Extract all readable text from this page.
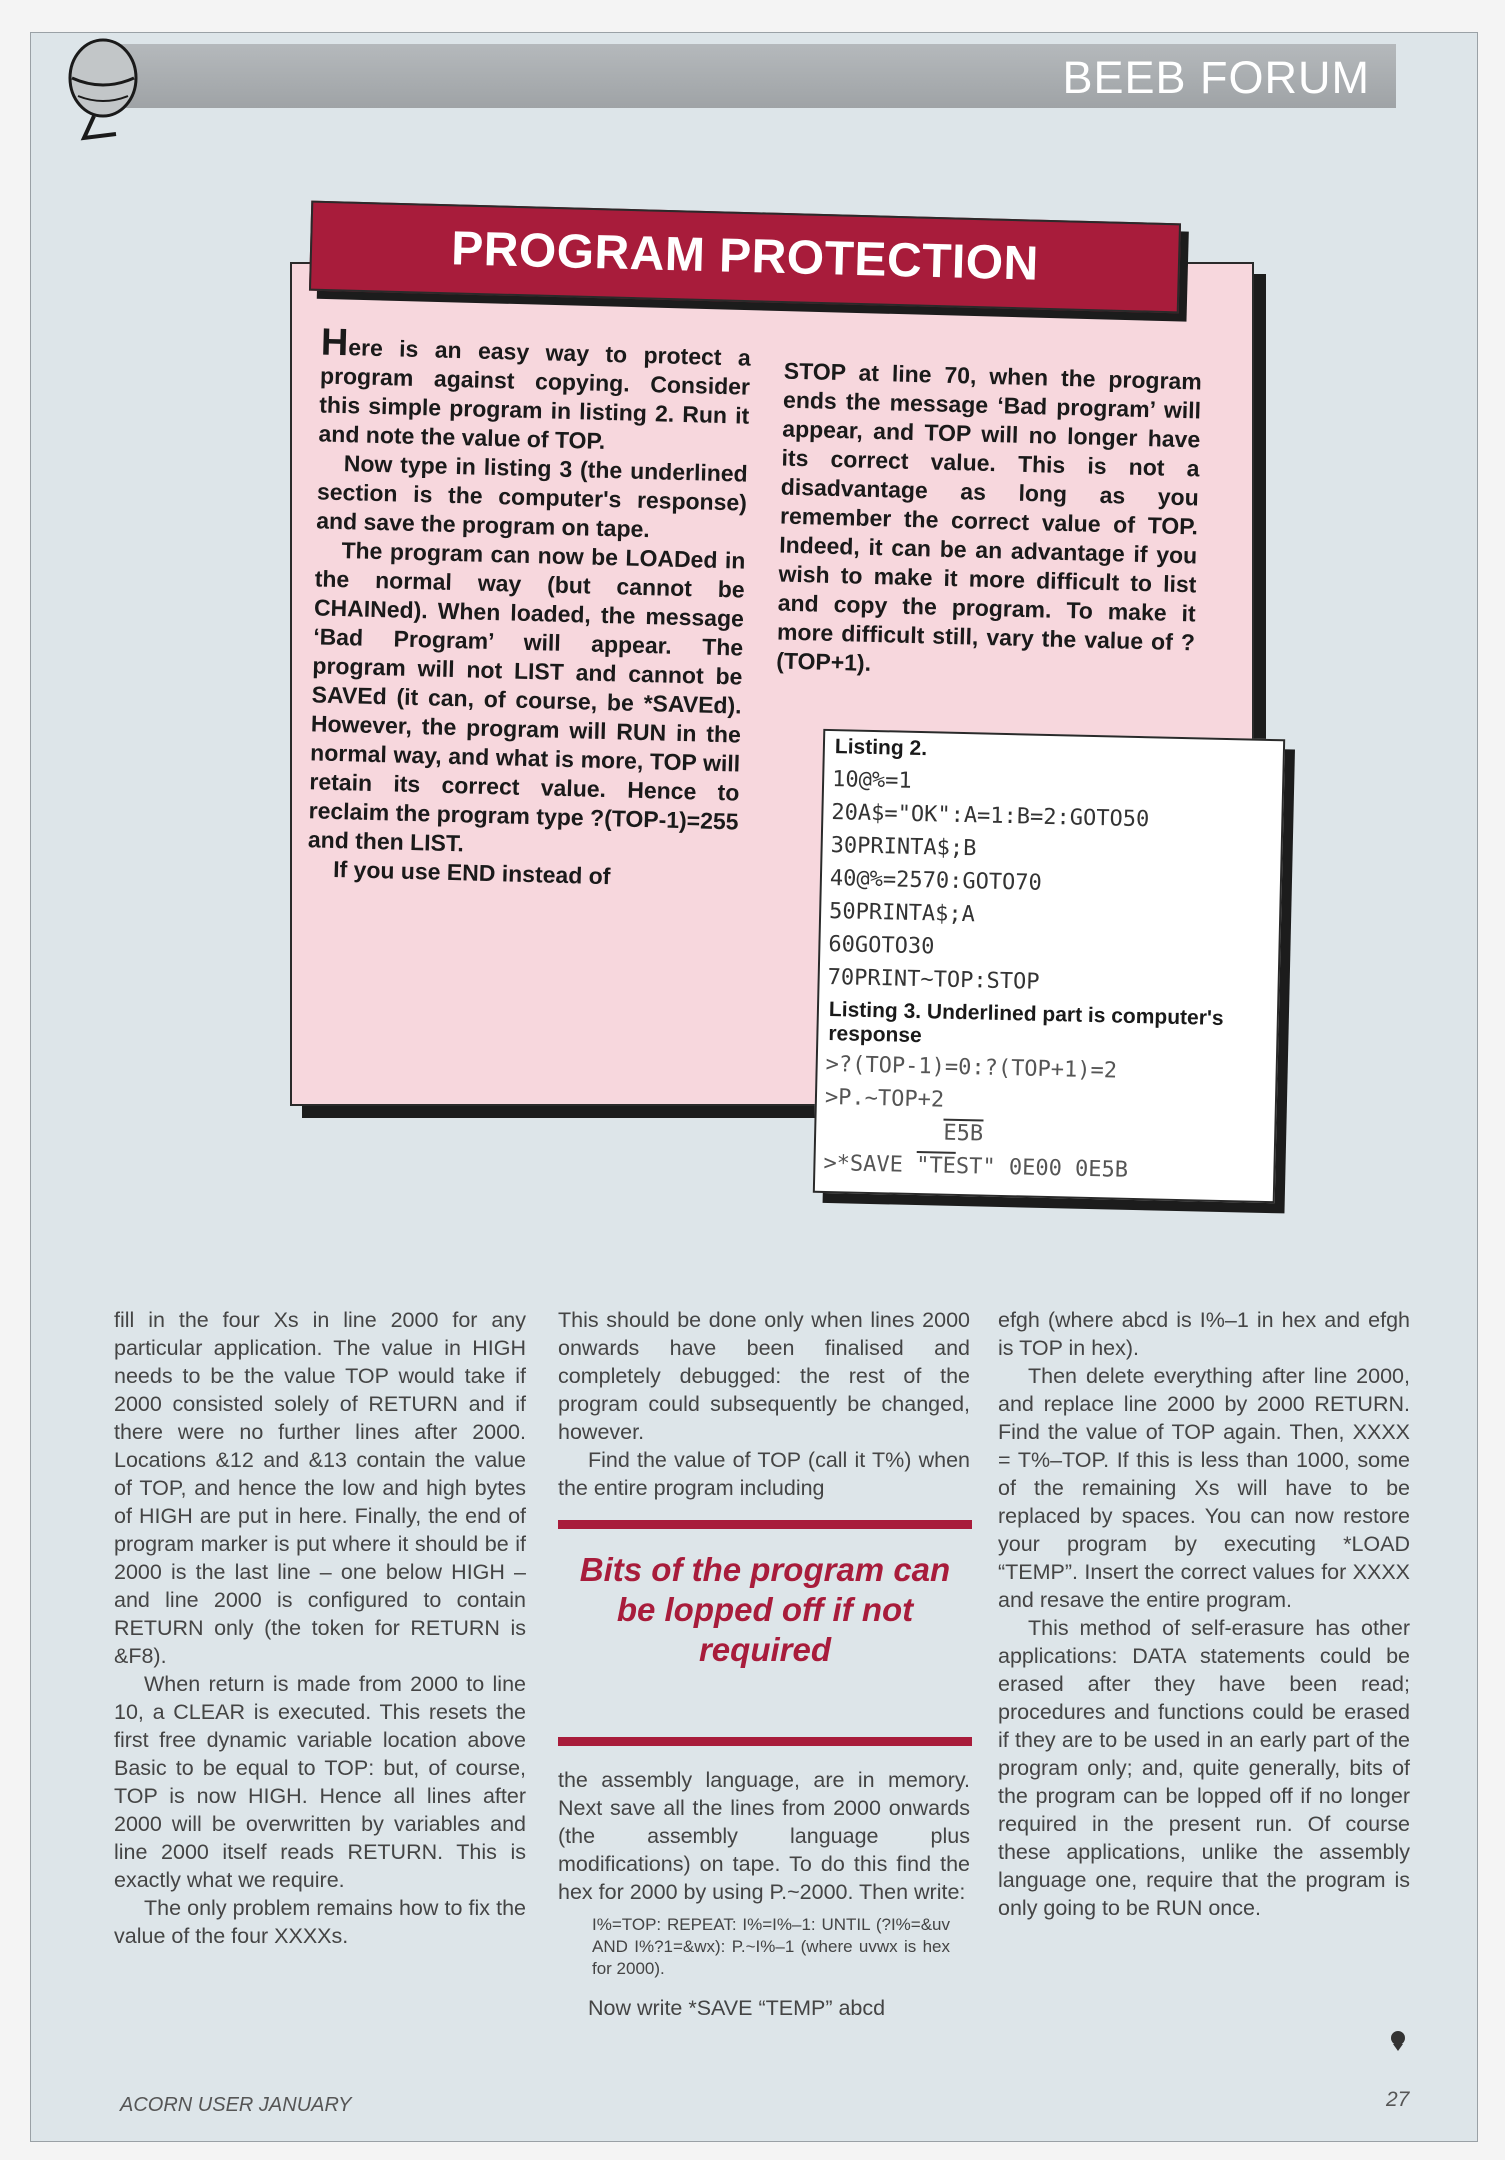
BEEB FORUM
PROGRAM PROTECTION

Here is an easy way to protect a program against copying. Consider this simple program in listing 2. Run it and note the value of TOP.

Now type in listing 3 (the underlined section is the computer's response) and save the program on tape.

The program can now be LOADed in the normal way (but cannot be CHAINed). When loaded, the message ‘Bad Program’ will appear. The program will not LIST and cannot be SAVEd (it can, of course, be *SAVEd). However, the program will RUN in the normal way, and what is more, TOP will retain its correct value. Hence to reclaim the program type ?(TOP-1)=255 and then LIST.

If you use END instead of

STOP at line 70, when the program ends the message ‘Bad program’ will appear, and TOP will no longer have its correct value. This is not a disadvantage as long as you remember the correct value of TOP. Indeed, it can be an advantage if you wish to make it more difficult to list and copy the program. To make it more difficult still, vary the value of ?(TOP+1).

Listing 2.
10@%=1
20A$="OK":A=1:B=2:GOTO50
30PRINTA$;B
40@%=2570:GOTO70
50PRINTA$;A
60GOTO30
70PRINT~TOP:STOP
Listing 3. Underlined part is computer's response
>?(TOP-1)=0:?(TOP+1)=2
>P.~TOP+2
E5B
>*SAVE "TEST" 0E00 0E5B

fill in the four Xs in line 2000 for any particular application. The value in HIGH needs to be the value TOP would take if 2000 consisted solely of RETURN and if there were no further lines after 2000. Locations &12 and &13 contain the value of TOP, and hence the low and high bytes of HIGH are put in here. Finally, the end of program marker is put where it should be if 2000 is the last line – one below HIGH – and line 2000 is configured to contain RETURN only (the token for RETURN is &F8).

When return is made from 2000 to line 10, a CLEAR is executed. This resets the first free dynamic variable location above Basic to be equal to TOP: but, of course, TOP is now HIGH. Hence all lines after 2000 will be overwritten by variables and line 2000 itself reads RETURN. This is exactly what we require.

The only problem remains how to fix the value of the four XXXXs.

This should be done only when lines 2000 onwards have been finalised and completely debugged: the rest of the program could subsequently be changed, however.

Find the value of TOP (call it T%) when the entire program including

Bits of the program can be lopped off if not required

the assembly language, are in memory. Next save all the lines from 2000 onwards (the assembly language plus modifications) on tape. To do this find the hex for 2000 by using P.~2000. Then write:

I%=TOP: REPEAT: I%=I%–1: UNTIL (?I%=&uv AND I%?1=&wx): P.~I%–1 (where uvwx is hex for 2000).

Now write *SAVE “TEMP” abcd

efgh (where abcd is I%–1 in hex and efgh is TOP in hex).

Then delete everything after line 2000, and replace line 2000 by 2000 RETURN. Find the value of TOP again. Then, XXXX = T%–TOP. If this is less than 1000, some of the remaining Xs will have to be replaced by spaces. You can now restore your program by executing *LOAD “TEMP”. Insert the correct values for XXXX and resave the entire program.

This method of self-erasure has other applications: DATA statements could be erased after they have been read; procedures and functions could be erased if they are to be used in an early part of the program only; and, quite generally, bits of the program can be lopped off if no longer required in the present run. Of course these applications, unlike the assembly language one, require that the program is only going to be RUN once.

ACORN USER JANUARY	27
